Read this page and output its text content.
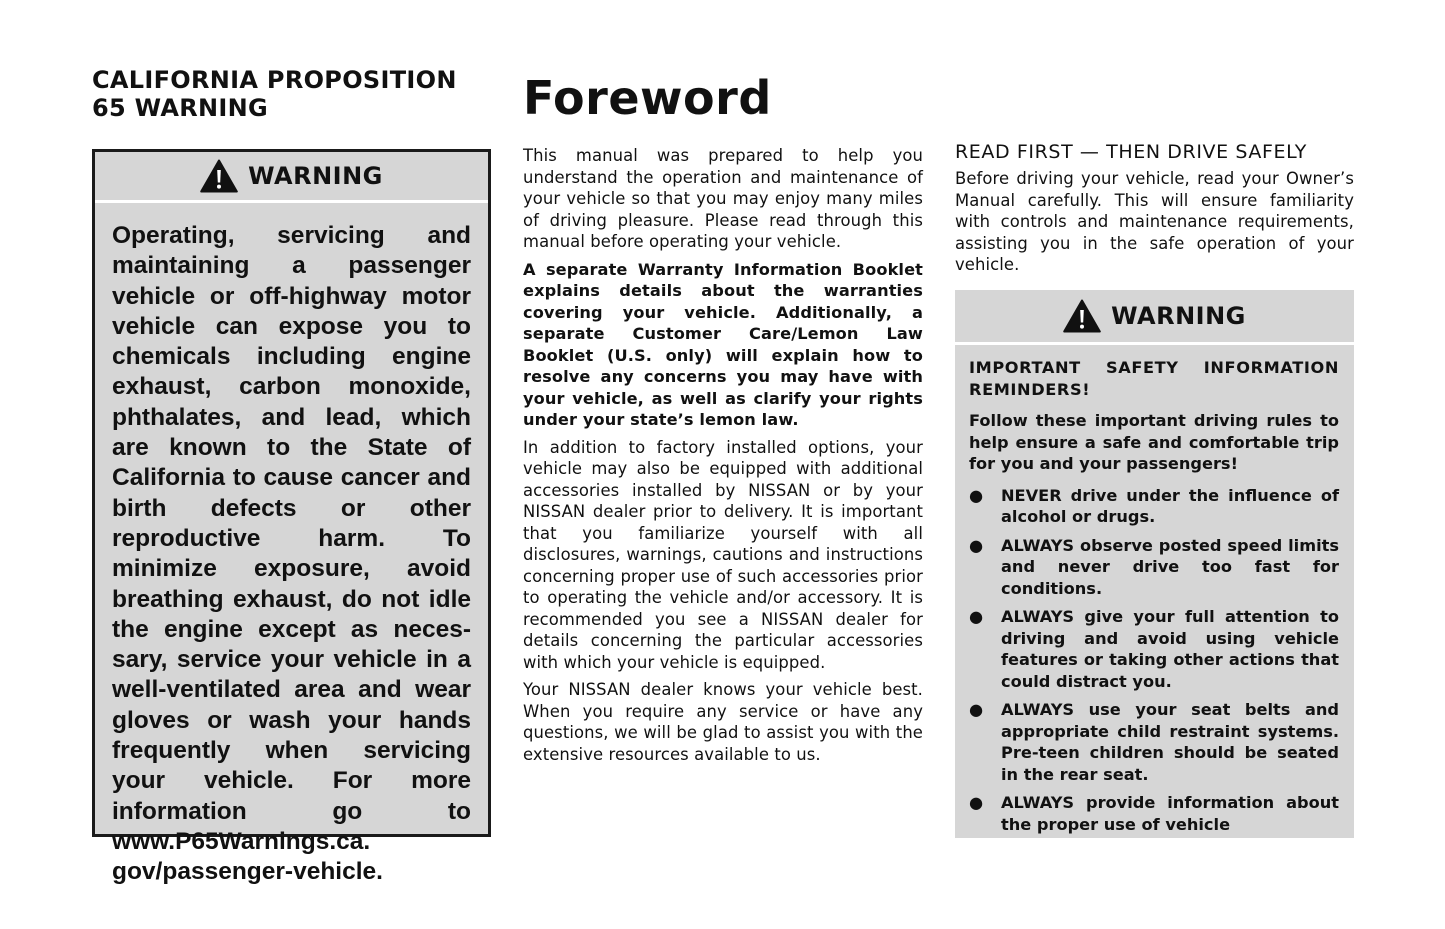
CALIFORNIA PROPOSITION
65 WARNING
WARNING
Operating, servicing and maintaining a passenger vehicle or off-highway motor vehicle can expose you to chemicals including engine exhaust, carbon monoxide, phthalates, and lead, which are known to the State of California to cause cancer and birth defects or other reproductive harm. To minimize exposure, avoid breathing exhaust, do not idle the engine except as necessary, service your vehicle in a well-ventilated area and wear gloves or wash your hands frequently when servicing your vehicle. For more information go to www.P65Warnings.ca.​gov/passenger-vehicle.
Foreword

This manual was prepared to help you understand the operation and maintenance of your vehicle so that you may enjoy many miles of driving pleasure. Please read through this manual before operating your vehicle.

A separate Warranty Information Booklet explains details about the warranties covering your vehicle. Additionally, a separate Customer Care/Lemon Law Booklet (U.S. only) will explain how to resolve any concerns you may have with your vehicle, as well as clarify your rights under your state’s lemon law.

In addition to factory installed options, your vehicle may also be equipped with additional accessories installed by NISSAN or by your NISSAN dealer prior to delivery. It is important that you familiarize yourself with all disclosures, warnings, cautions and instructions concerning proper use of such accessories prior to operating the vehicle and/or accessory. It is recommended you see a NISSAN dealer for details concerning the particular accessories with which your vehicle is equipped.

Your NISSAN dealer knows your vehicle best. When you require any service or have any questions, we will be glad to assist you with the extensive resources available to us.

READ FIRST — THEN DRIVE SAFELY

Before driving your vehicle, read your Owner’s Manual carefully. This will ensure familiarity with controls and maintenance requirements, assisting you in the safe operation of your vehicle.

WARNING
IMPORTANT SAFETY INFORMATION REMINDERS!
Follow these important driving rules to help ensure a safe and comfortable trip for you and your passengers!
● NEVER drive under the influence of alcohol or drugs.
● ALWAYS observe posted speed limits and never drive too fast for conditions.
● ALWAYS give your full attention to driving and avoid using vehicle features or taking other actions that could distract you.
● ALWAYS use your seat belts and appropriate child restraint systems. Pre-teen children should be seated in the rear seat.
● ALWAYS provide information about the proper use of vehicle
